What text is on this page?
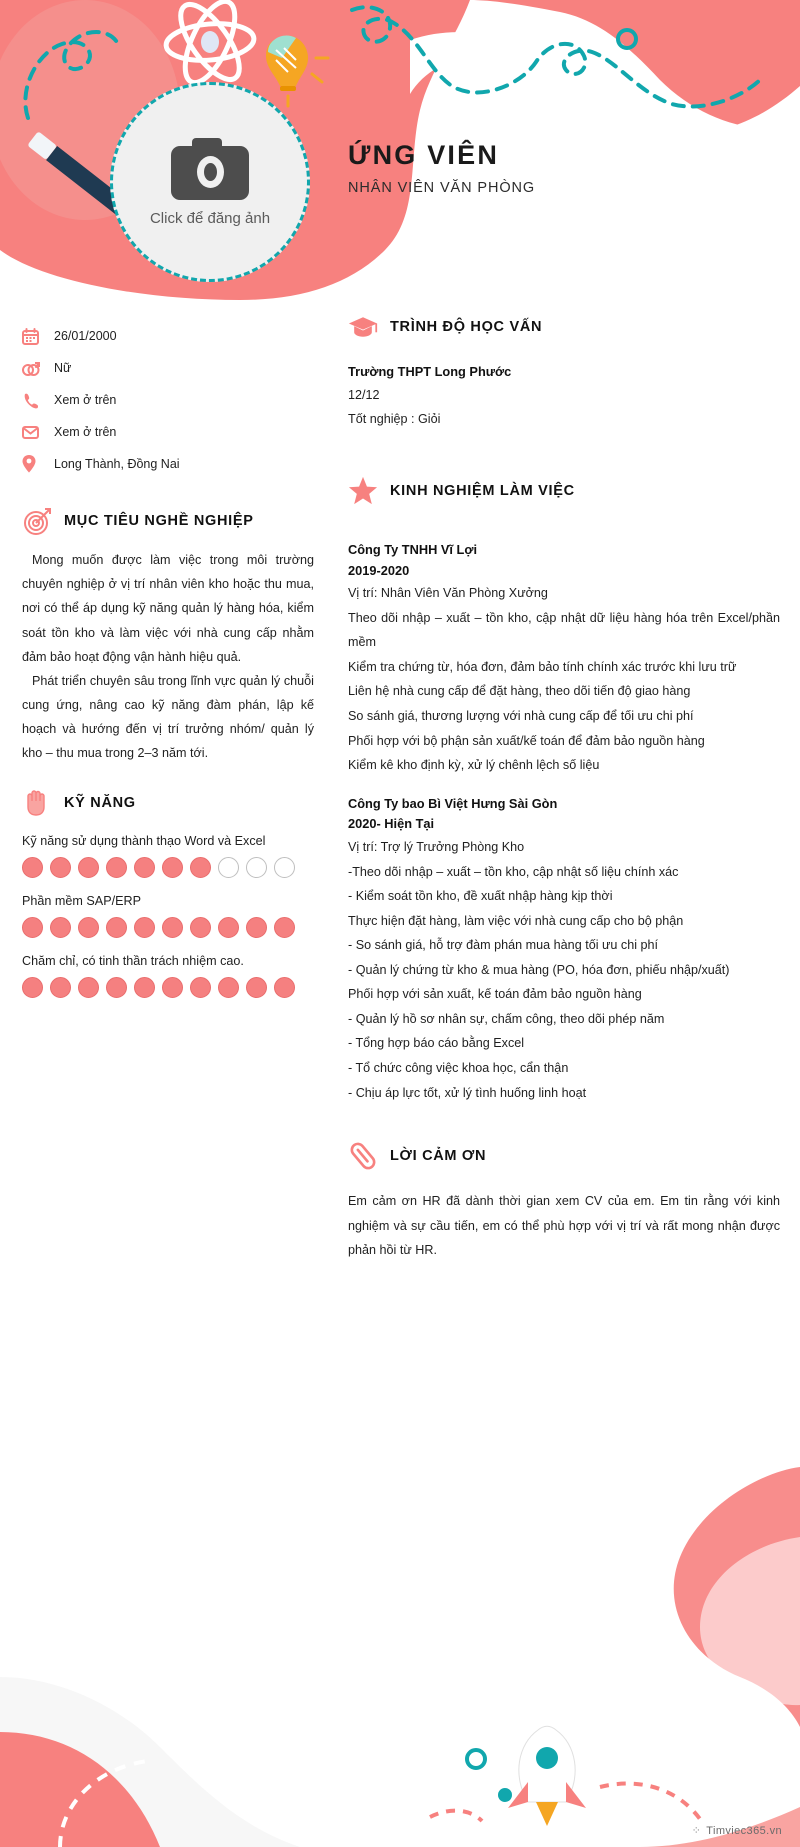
Click để đăng ảnh
ỨNG VIÊN
NHÂN VIÊN VĂN PHÒNG
26/01/2000
Nữ
Xem ở trên
Xem ở trên
Long Thành, Đồng Nai
MỤC TIÊU NGHỀ NGHIỆP
Mong muốn được làm việc trong môi trường chuyên nghiệp ở vị trí nhân viên kho hoặc thu mua, nơi có thể áp dụng kỹ năng quản lý hàng hóa, kiểm soát tồn kho và làm việc với nhà cung cấp nhằm đảm bảo hoạt động vận hành hiệu quả.
Phát triển chuyên sâu trong lĩnh vực quản lý chuỗi cung ứng, nâng cao kỹ năng đàm phán, lập kế hoạch và hướng đến vị trí trưởng nhóm/ quản lý kho – thu mua trong 2–3 năm tới.
KỸ NĂNG
Kỹ năng sử dụng thành thạo Word và Excel
Phần mềm SAP/ERP
Chăm chỉ, có tinh thần trách nhiệm cao.
TRÌNH ĐỘ HỌC VẤN
Trường THPT Long Phước
12/12
Tốt nghiệp : Giỏi
KINH NGHIỆM LÀM VIỆC
Công Ty TNHH Vĩ Lợi
2019-2020
Vị trí: Nhân Viên Văn Phòng Xưởng
Theo dõi nhập – xuất – tồn kho, cập nhật dữ liệu hàng hóa trên Excel/phần mềm
Kiểm tra chứng từ, hóa đơn, đảm bảo tính chính xác trước khi lưu trữ
Liên hệ nhà cung cấp để đặt hàng, theo dõi tiến độ giao hàng
So sánh giá, thương lượng với nhà cung cấp để tối ưu chi phí
Phối hợp với bộ phận sản xuất/kế toán để đảm bảo nguồn hàng
Kiểm kê kho định kỳ, xử lý chênh lệch số liệu
Công Ty bao Bì Việt Hưng Sài Gòn
2020- Hiện Tại
Vị trí: Trợ lý Trưởng Phòng Kho
-Theo dõi nhập – xuất – tồn kho, cập nhật số liệu chính xác
- Kiểm soát tồn kho, đề xuất nhập hàng kịp thời
Thực hiện đặt hàng, làm việc với nhà cung cấp cho bộ phận
- So sánh giá, hỗ trợ đàm phán mua hàng tối ưu chi phí
- Quản lý chứng từ kho & mua hàng (PO, hóa đơn, phiếu nhập/xuất)
Phối hợp với sản xuất, kế toán đảm bảo nguồn hàng
- Quản lý hồ sơ nhân sự, chấm công, theo dõi phép năm
- Tổng hợp báo cáo bằng Excel
- Tổ chức công việc khoa học, cẩn thận
- Chịu áp lực tốt, xử lý tình huống linh hoạt
LỜI CẢM ƠN
Em cảm ơn HR đã dành thời gian xem CV của em. Em tin rằng với kinh nghiệm và sự cầu tiến, em có thể phù hợp với vị trí và rất mong nhận được phản hồi từ HR.
⁘ Timviec365.vn
